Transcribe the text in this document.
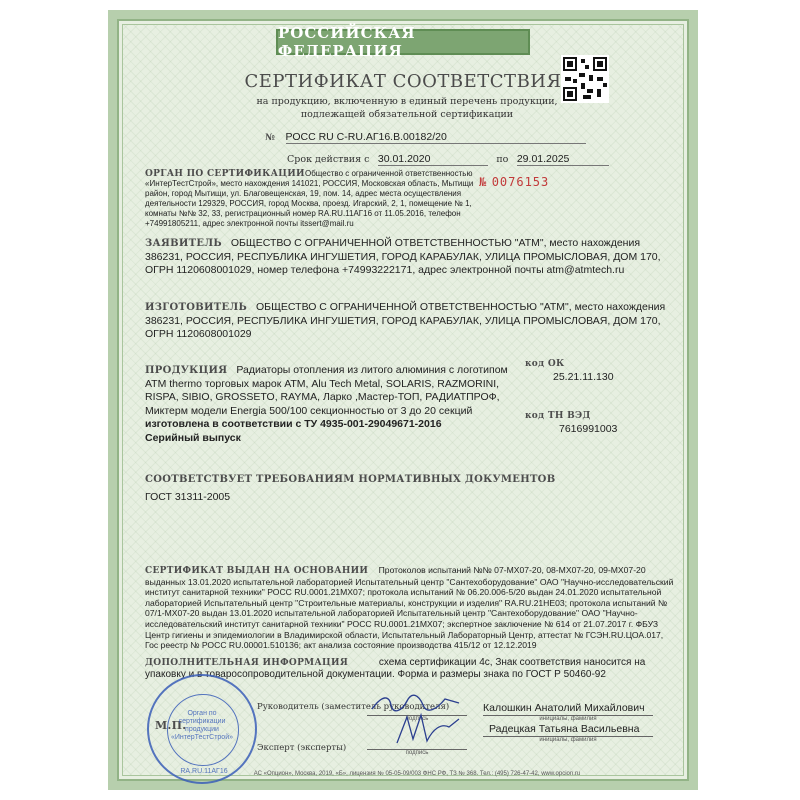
РОССИЙСКАЯ ФЕДЕРАЦИЯ
СЕРТИФИКАТ СООТВЕТСТВИЯ
на продукцию, включенную в единый перечень продукции,
подлежащей обязательной сертификации
№ РОСС RU С-RU.АГ16.В.00182/20
Срок действия с 30.01.2020	по 29.01.2025
ОРГАН ПО СЕРТИФИКАЦИИ Общество с ограниченной ответственностью «ИнтерТестСтрой», место нахождения 141021, РОССИЯ, Московская область, Мытищи район, город Мытищи, ул. Благовещенская, 19, пом. 14, адрес места осуществления деятельности 129329, РОССИЯ, город Москва, проезд. Игарский, 2, 1, помещение № 1, комнаты №№ 32, 33, регистрационный номер RA.RU.11АГ16 от 11.05.2016, телефон +74991805211, адрес электронной почты itssert@mail.ru
№ 0076153
ЗАЯВИТЕЛЬ ОБЩЕСТВО С ОГРАНИЧЕННОЙ ОТВЕТСТВЕННОСТЬЮ "АТМ", место нахождения 386231, РОССИЯ, РЕСПУБЛИКА ИНГУШЕТИЯ, ГОРОД КАРАБУЛАК, УЛИЦА ПРОМЫСЛОВАЯ, ДОМ 170, ОГРН 1120608001029, номер телефона +74993222171, адрес электронной почты atm@atmtech.ru
ИЗГОТОВИТЕЛЬ ОБЩЕСТВО С ОГРАНИЧЕННОЙ ОТВЕТСТВЕННОСТЬЮ "АТМ", место нахождения 386231, РОССИЯ, РЕСПУБЛИКА ИНГУШЕТИЯ, ГОРОД КАРАБУЛАК, УЛИЦА ПРОМЫСЛОВАЯ, ДОМ 170, ОГРН 1120608001029
ПРОДУКЦИЯ Радиаторы отопления из литого алюминия с логотипом АТМ thermo торговых марок АТМ, Alu Tech Metal, SOLARIS, RAZMORINI, RISPA, SIBIO, GROSSETO, RAYMA, Ларко ,Мастер-ТОП, РАДИАТПРОФ, Миктерм модели Energia 500/100 секционностью от 3 до 20 секций
изготовлена в соответствии с ТУ 4935-001-29049671-2016
Серийный выпуск
код ОК
25.21.11.130
код ТН ВЭД
7616991003
СООТВЕТСТВУЕТ ТРЕБОВАНИЯМ НОРМАТИВНЫХ ДОКУМЕНТОВ
ГОСТ 31311-2005
СЕРТИФИКАТ ВЫДАН НА ОСНОВАНИИ Протоколов испытаний №№ 07-МХ07-20, 08-МХ07-20, 09-МХ07-20 выданных 13.01.2020 испытательной лабораторией Испытательный центр "Сантехоборудование" ОАО "Научно-исследовательский институт санитарной техники" РОСС RU.0001.21МХ07; протокола испытаний № 06.20.006-5/20 выдан 24.01.2020 испытательной лабораторией Испытательный центр "Строительные материалы, конструкции и изделия" RA.RU.21НЕ03; протокола испытаний № 07/1-МХ07-20 выдан 13.01.2020 испытательной лабораторией Испытательный центр "Сантехоборудование" ОАО "Научно-исследовательский институт санитарной техники" РОСС RU.0001.21МХ07; экспертное заключение № 614 от 21.07.2017 г. ФБУЗ Центр гигиены и эпидемиологии в Владимирской области, Испытательный Лабораторный Центр, аттестат № ГСЭН.RU.ЦОА.017, Гос реестр № РОСС RU.00001.510136; акт анализа состояние производства 415/12 от 12.12.2019
ДОПОЛНИТЕЛЬНАЯ ИНФОРМАЦИЯ	схема сертификации 4с, Знак соответствия наносится на упаковку и в товаросопроводительной документации. Форма и размеры знака по ГОСТ Р 50460-92
Руководитель (заместитель руководителя)
подпись
Калошкин Анатолий Михайлович
инициалы, фамилия
М.П.
Эксперт (эксперты)	подпись
Радецкая Татьяна Васильевна
инициалы, фамилия
Орган по сертификации продукции «ИнтерТестСтрой»
RA.RU.11АГ16	АС «Опцион», Москва, 2019, «Б», лицензия № 05-05-09/003 ФНС РФ, ТЗ № 368. Тел.: (495) 726-47-42, www.opcion.ru
